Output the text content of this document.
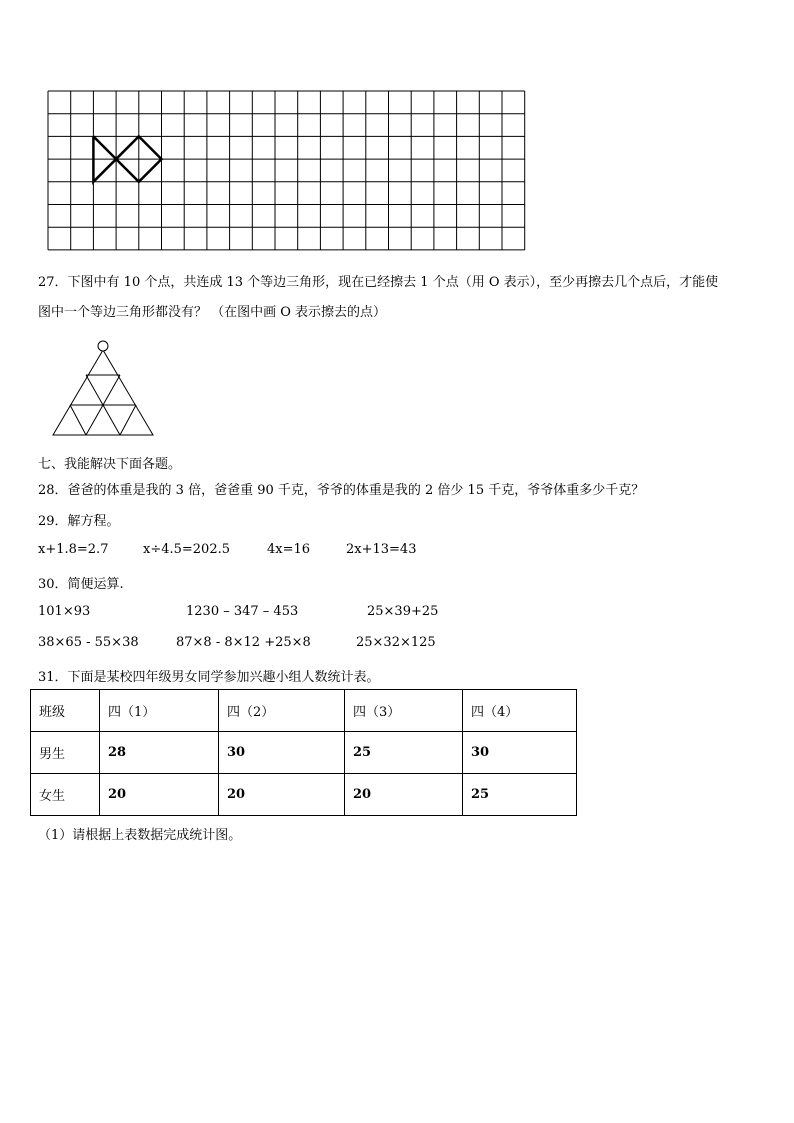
27．下图中有 10 个点，共连成 13 个等边三角形，现在已经擦去 1 个点（用 O 表示），至少再擦去几个点后，才能使
图中一个等边三角形都没有？ （在图中画 O 表示擦去的点）
七、我能解决下面各题。
28．爸爸的体重是我的 3 倍，爸爸重 90 千克，爷爷的体重是我的 2 倍少 15 千克，爷爷体重多少千克？
29．解方程。
x+1.8=2.7	x÷4.5=202.5	4x=16	2x+13=43
30．简便运算.
101×93	1230 – 347 – 453	25×39+25
38×65 - 55×38	87×8 - 8×12 +25×8	25×32×125
31．下面是某校四年级男女同学参加兴趣小组人数统计表。
班级	四（1）	四（2）	四（3）	四（4）
男生	28	30	25	30
女生	20	20	20	25
（1）请根据上表数据完成统计图。
